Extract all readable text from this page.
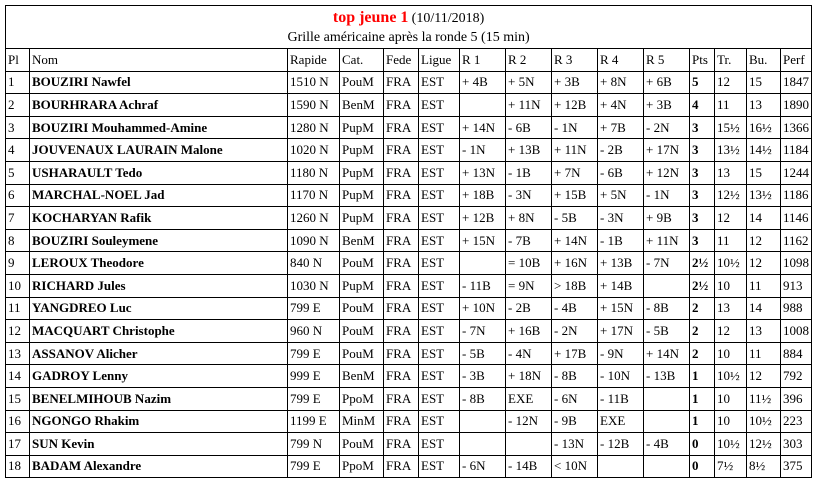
top jeune 1 (10/11/2018)
Grille américaine après la ronde 5 (15 min)														

Pl	Nom	Rapide	Cat.	Fede	Ligue	R 1	R 2	R 3	R 4	R 5	Pts	Tr.	Bu.	Perf
1	BOUZIRI Nawfel	1510 N	PouM	FRA	EST	+ 4B	+ 5N	+ 3B	+ 8N	+ 6B	5	12	15	1847
2	BOURHRARA Achraf	1590 N	BenM	FRA	EST		+ 11N	+ 12B	+ 4N	+ 3B	4	11	13	1890
3	BOUZIRI Mouhammed-Amine	1280 N	PupM	FRA	EST	+ 14N	- 6B	- 1N	+ 7B	- 2N	3	15½	16½	1366
4	JOUVENAUX LAURAIN Malone	1020 N	PupM	FRA	EST	- 1N	+ 13B	+ 11N	- 2B	+ 17N	3	13½	14½	1184
5	USHARAULT Tedo	1180 N	PupM	FRA	EST	+ 13N	- 1B	+ 7N	- 6B	+ 12N	3	13	15	1244
6	MARCHAL-NOEL Jad	1170 N	PupM	FRA	EST	+ 18B	- 3N	+ 15B	+ 5N	- 1N	3	12½	13½	1186
7	KOCHARYAN Rafik	1260 N	PupM	FRA	EST	+ 12B	+ 8N	- 5B	- 3N	+ 9B	3	12	14	1146
8	BOUZIRI Souleymene	1090 N	BenM	FRA	EST	+ 15N	- 7B	+ 14N	- 1B	+ 11N	3	11	12	1162
9	LEROUX Theodore	840 N	PouM	FRA	EST		= 10B	+ 16N	+ 13B	- 7N	2½	10½	12	1098
10	RICHARD Jules	1030 N	PupM	FRA	EST	- 11B	= 9N	> 18B	+ 14B		2½	10	11	913
11	YANGDREO Luc	799 E	PouM	FRA	EST	+ 10N	- 2B	- 4B	+ 15N	- 8B	2	13	14	988
12	MACQUART Christophe	960 N	PouM	FRA	EST	- 7N	+ 16B	- 2N	+ 17N	- 5B	2	12	13	1008
13	ASSANOV Alicher	799 E	PouM	FRA	EST	- 5B	- 4N	+ 17B	- 9N	+ 14N	2	10	11	884
14	GADROY Lenny	999 E	BenM	FRA	EST	- 3B	+ 18N	- 8B	- 10N	- 13B	1	10½	12	792
15	BENELMIHOUB Nazim	799 E	PpoM	FRA	EST	- 8B	EXE	- 6N	- 11B		1	10	11½	396
16	NGONGO Rhakim	1199 E	MinM	FRA	EST		- 12N	- 9B	EXE		1	10	10½	223
17	SUN Kevin	799 N	PouM	FRA	EST			- 13N	- 12B	- 4B	0	10½	12½	303
18	BADAM Alexandre	799 E	PpoM	FRA	EST	- 6N	- 14B	< 10N			0	7½	8½	375
